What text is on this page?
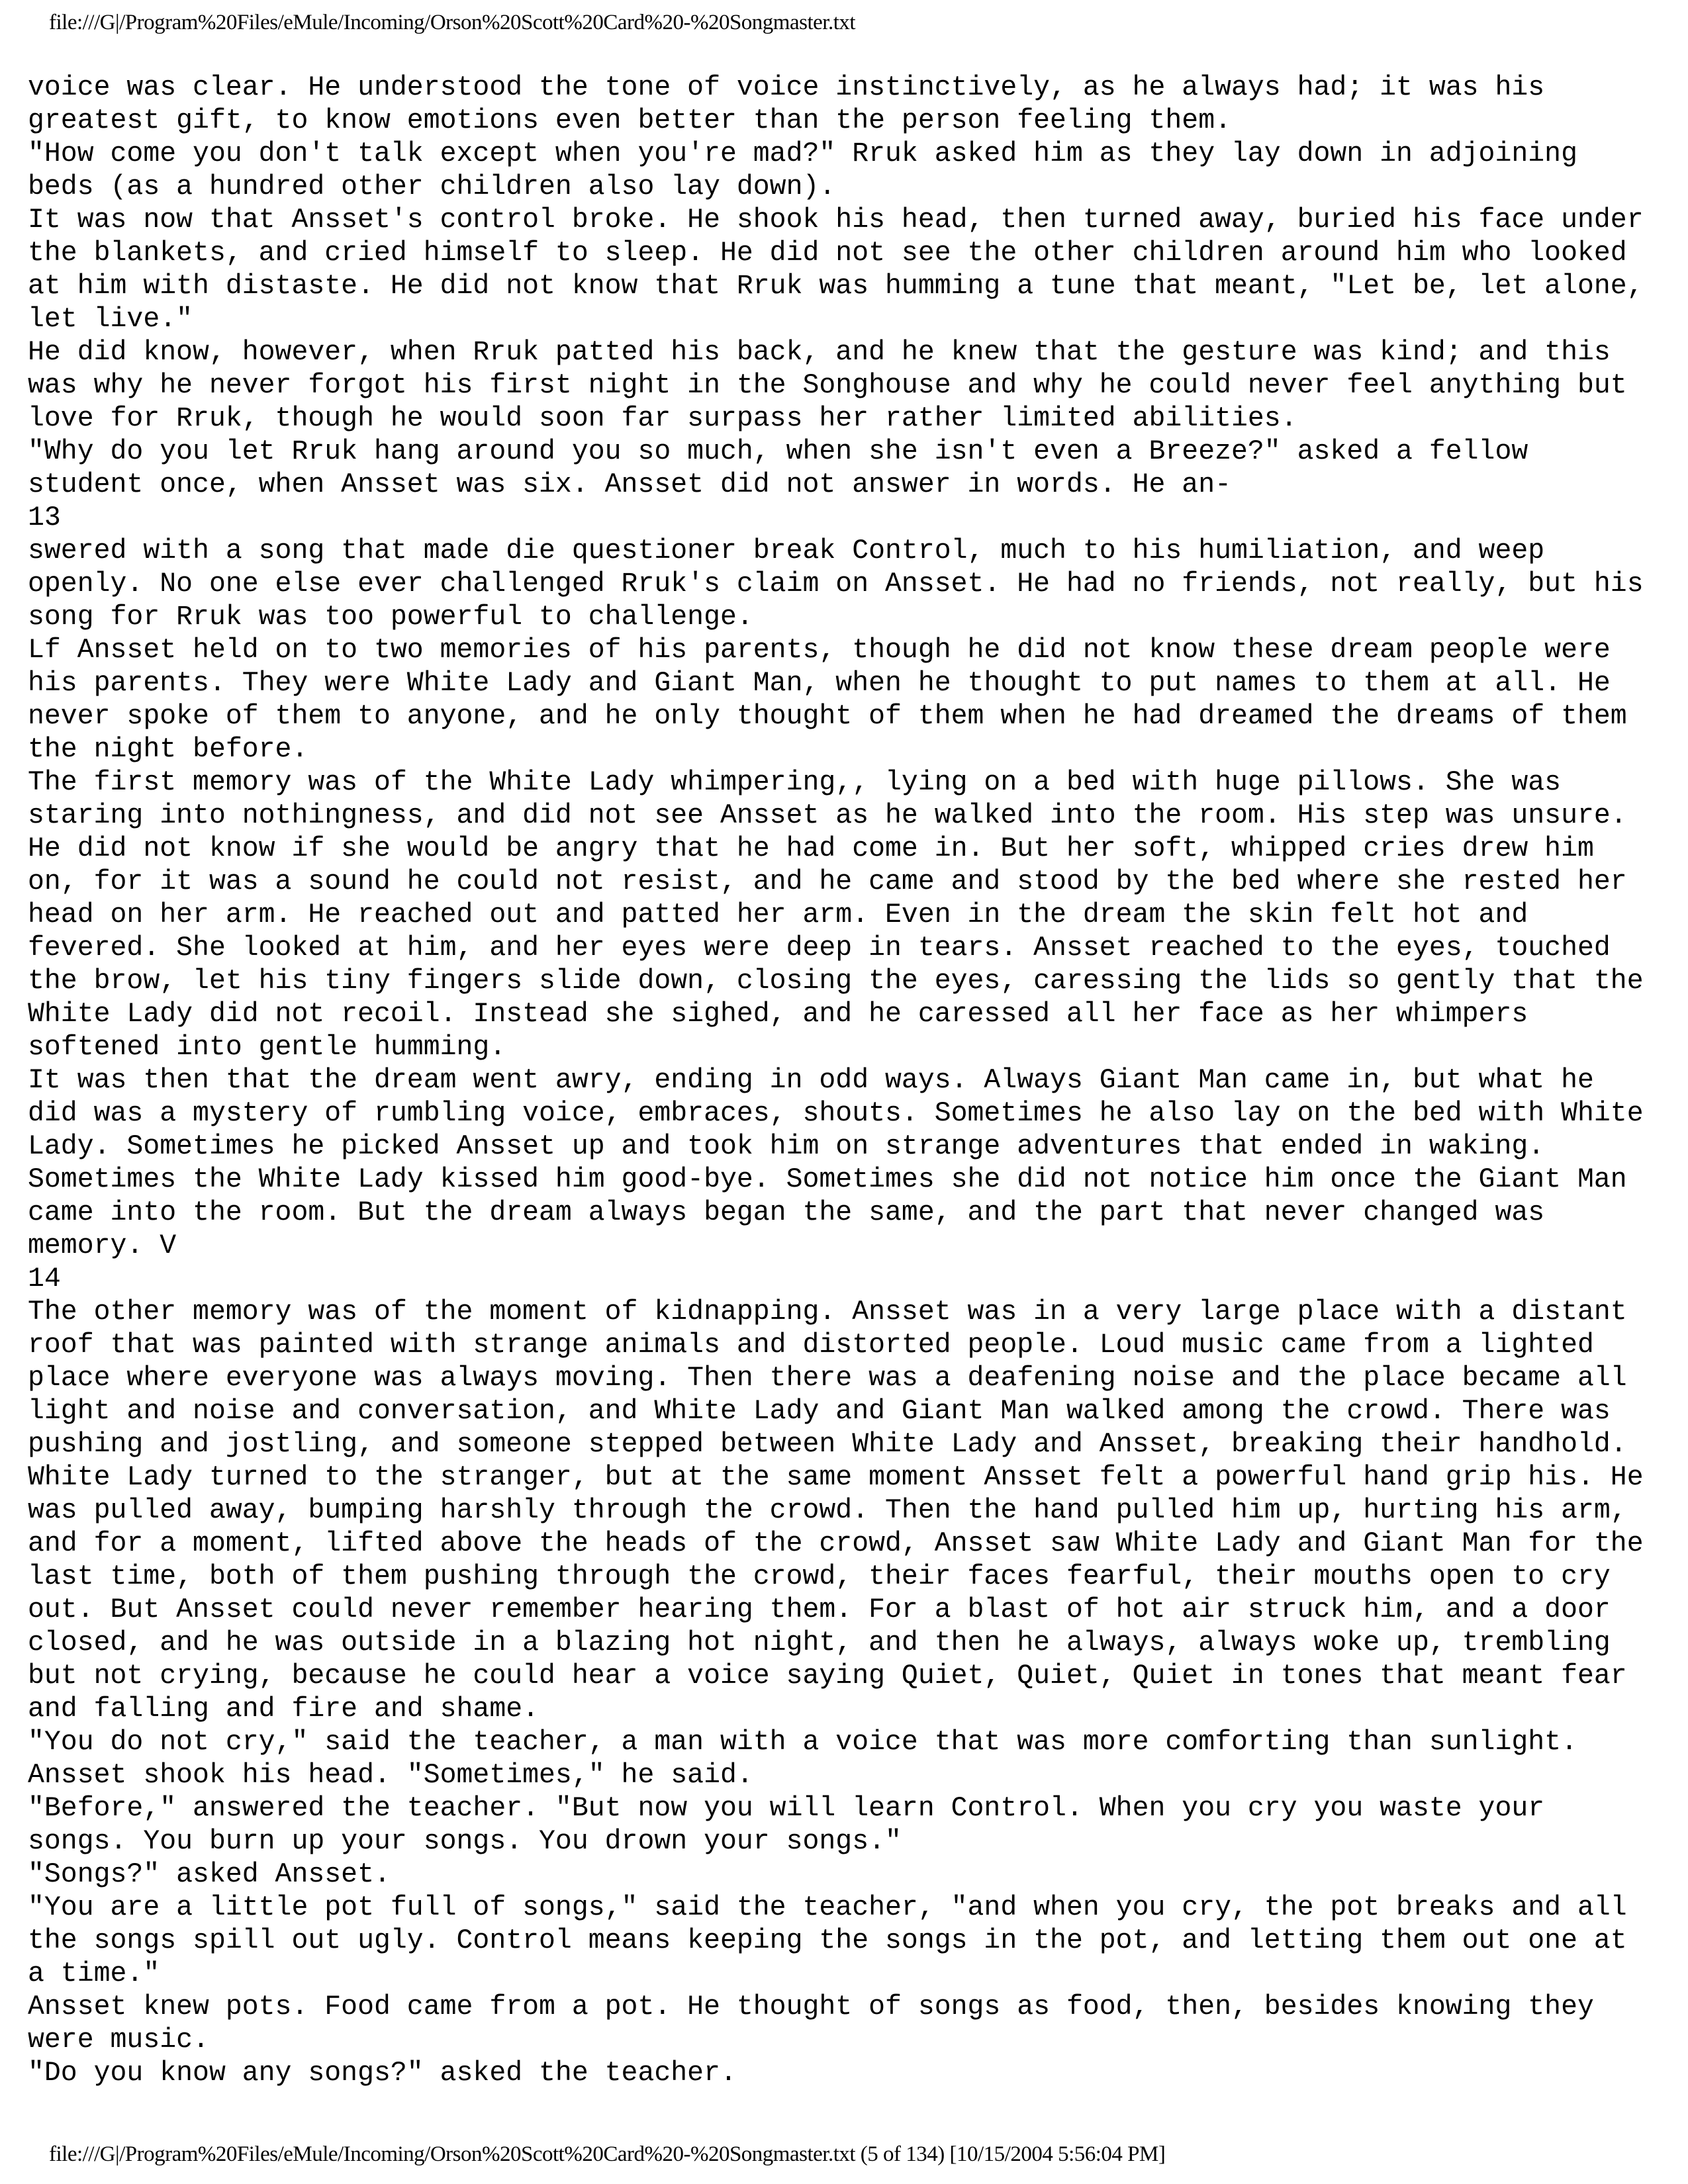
file:///G|/Program%20Files/eMule/Incoming/Orson%20Scott%20Card%20-%20Songmaster.txt
voice was clear. He understood the tone of voice instinctively, as he always had; it was his
greatest gift, to know emotions even better than the person feeling them.
"How come you don't talk except when you're mad?" Rruk asked him as they lay down in adjoining
beds (as a hundred other children also lay down).
It was now that Ansset's control broke. He shook his head, then turned away, buried his face under
the blankets, and cried himself to sleep. He did not see the other children around him who looked
at him with distaste. He did not know that Rruk was humming a tune that meant, "Let be, let alone,
let live."
He did know, however, when Rruk patted his back, and he knew that the gesture was kind; and this
was why he never forgot his first night in the Songhouse and why he could never feel anything but
love for Rruk, though he would soon far surpass her rather limited abilities.
"Why do you let Rruk hang around you so much, when she isn't even a Breeze?" asked a fellow
student once, when Ansset was six. Ansset did not answer in words. He an-
13
swered with a song that made die questioner break Control, much to his humiliation, and weep
openly. No one else ever challenged Rruk's claim on Ansset. He had no friends, not really, but his
song for Rruk was too powerful to challenge.
Lf Ansset held on to two memories of his parents, though he did not know these dream people were
his parents. They were White Lady and Giant Man, when he thought to put names to them at all. He
never spoke of them to anyone, and he only thought of them when he had dreamed the dreams of them
the night before.
The first memory was of the White Lady whimpering,, lying on a bed with huge pillows. She was
staring into nothingness, and did not see Ansset as he walked into the room. His step was unsure.
He did not know if she would be angry that he had come in. But her soft, whipped cries drew him
on, for it was a sound he could not resist, and he came and stood by the bed where she rested her
head on her arm. He reached out and patted her arm. Even in the dream the skin felt hot and
fevered. She looked at him, and her eyes were deep in tears. Ansset reached to the eyes, touched
the brow, let his tiny fingers slide down, closing the eyes, caressing the lids so gently that the
White Lady did not recoil. Instead she sighed, and he caressed all her face as her whimpers
softened into gentle humming.
It was then that the dream went awry, ending in odd ways. Always Giant Man came in, but what he
did was a mystery of rumbling voice, embraces, shouts. Sometimes he also lay on the bed with White
Lady. Sometimes he picked Ansset up and took him on strange adventures that ended in waking.
Sometimes the White Lady kissed him good-bye. Sometimes she did not notice him once the Giant Man
came into the room. But the dream always began the same, and the part that never changed was
memory. V
14
The other memory was of the moment of kidnapping. Ansset was in a very large place with a distant
roof that was painted with strange animals and distorted people. Loud music came from a lighted
place where everyone was always moving. Then there was a deafening noise and the place became all
light and noise and conversation, and White Lady and Giant Man walked among the crowd. There was
pushing and jostling, and someone stepped between White Lady and Ansset, breaking their handhold.
White Lady turned to the stranger, but at the same moment Ansset felt a powerful hand grip his. He
was pulled away, bumping harshly through the crowd. Then the hand pulled him up, hurting his arm,
and for a moment, lifted above the heads of the crowd, Ansset saw White Lady and Giant Man for the
last time, both of them pushing through the crowd, their faces fearful, their mouths open to cry
out. But Ansset could never remember hearing them. For a blast of hot air struck him, and a door
closed, and he was outside in a blazing hot night, and then he always, always woke up, trembling
but not crying, because he could hear a voice saying Quiet, Quiet, Quiet in tones that meant fear
and falling and fire and shame.
"You do not cry," said the teacher, a man with a voice that was more comforting than sunlight.
Ansset shook his head. "Sometimes," he said.
"Before," answered the teacher. "But now you will learn Control. When you cry you waste your
songs. You burn up your songs. You drown your songs."
"Songs?" asked Ansset.
"You are a little pot full of songs," said the teacher, "and when you cry, the pot breaks and all
the songs spill out ugly. Control means keeping the songs in the pot, and letting them out one at
a time."
Ansset knew pots. Food came from a pot. He thought of songs as food, then, besides knowing they
were music.
"Do you know any songs?" asked the teacher.
file:///G|/Program%20Files/eMule/Incoming/Orson%20Scott%20Card%20-%20Songmaster.txt (5 of 134) [10/15/2004 5:56:04 PM]
